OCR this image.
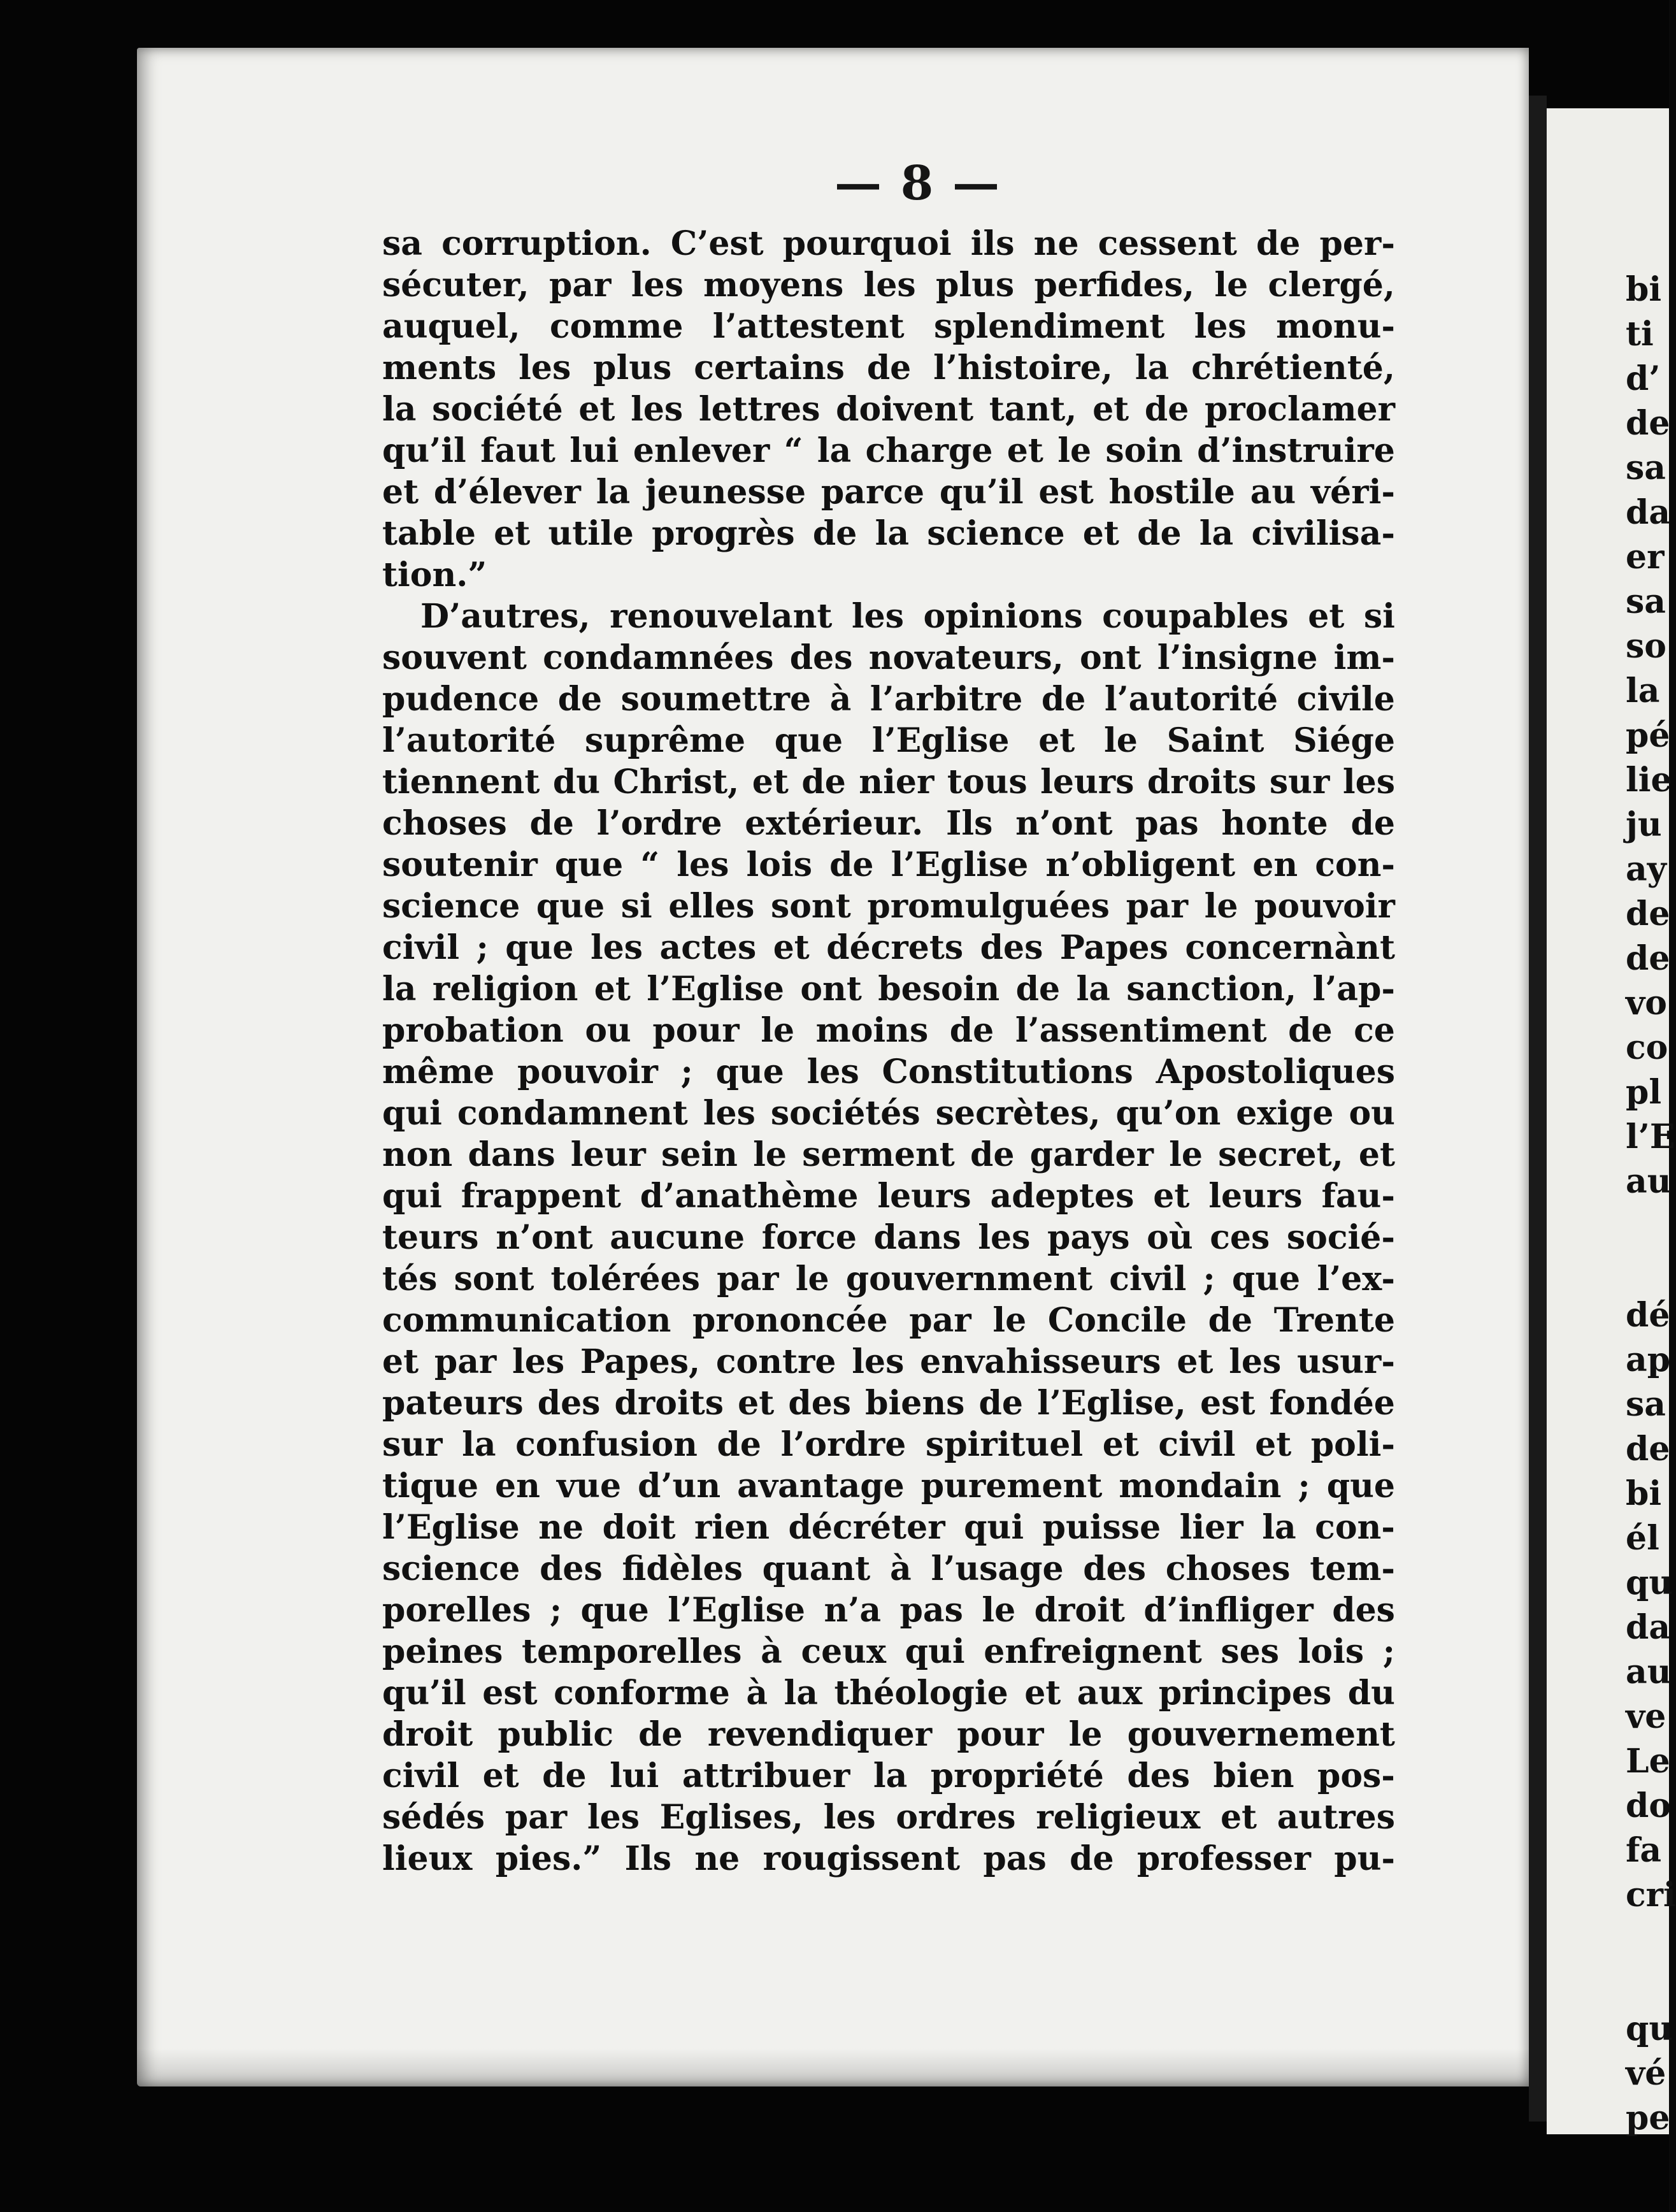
— 8 —
sa corruption. C’est pourquoi ils ne cessent de per-
sécuter, par les moyens les plus perfides, le clergé,
auquel, comme l’attestent splendiment les monu-
ments les plus certains de l’histoire, la chrétienté,
la société et les lettres doivent tant, et de proclamer
qu’il faut lui enlever “ la charge et le soin d’instruire
et d’élever la jeunesse parce qu’il est hostile au véri-
table et utile progrès de la science et de la civilisa-
tion.”
D’autres, renouvelant les opinions coupables et si
souvent condamnées des novateurs, ont l’insigne im-
pudence de soumettre à l’arbitre de l’autorité civile
l’autorité suprême que l’Eglise et le Saint Siége
tiennent du Christ, et de nier tous leurs droits sur les
choses de l’ordre extérieur. Ils n’ont pas honte de
soutenir que “ les lois de l’Eglise n’obligent en con-
science que si elles sont promulguées par le pouvoir
civil ; que les actes et décrets des Papes concernànt
la religion et l’Eglise ont besoin de la sanction, l’ap-
probation ou pour le moins de l’assentiment de ce
même pouvoir ; que les Constitutions Apostoliques
qui condamnent les sociétés secrètes, qu’on exige ou
non dans leur sein le serment de garder le secret, et
qui frappent d’anathème leurs adeptes et leurs fau-
teurs n’ont aucune force dans les pays où ces socié-
tés sont tolérées par le gouvernment civil ; que l’ex-
communication prononcée par le Concile de Trente
et par les Papes, contre les envahisseurs et les usur-
pateurs des droits et des biens de l’Eglise, est fondée
sur la confusion de l’ordre spirituel et civil et poli-
tique en vue d’un avantage purement mondain ; que
l’Eglise ne doit rien décréter qui puisse lier la con-
science des fidèles quant à l’usage des choses tem-
porelles ; que l’Eglise n’a pas le droit d’infliger des
peines temporelles à ceux qui enfreignent ses lois ;
qu’il est conforme à la théologie et aux principes du
droit public de revendiquer pour le gouvernement
civil et de lui attribuer la propriété des bien pos-
sédés par les Eglises, les ordres religieux et autres
lieux pies.” Ils ne rougissent pas de professer pu-
bi
ti
d’
de
sa
da
er
sa
so
la
pé
lie
ju
ay
de
de
vo
co
pl
l’E
au

dé
ap
sa
de
bi
él
qu
da
au
ve
Le
do
fa
cri

qu
vé
pe
